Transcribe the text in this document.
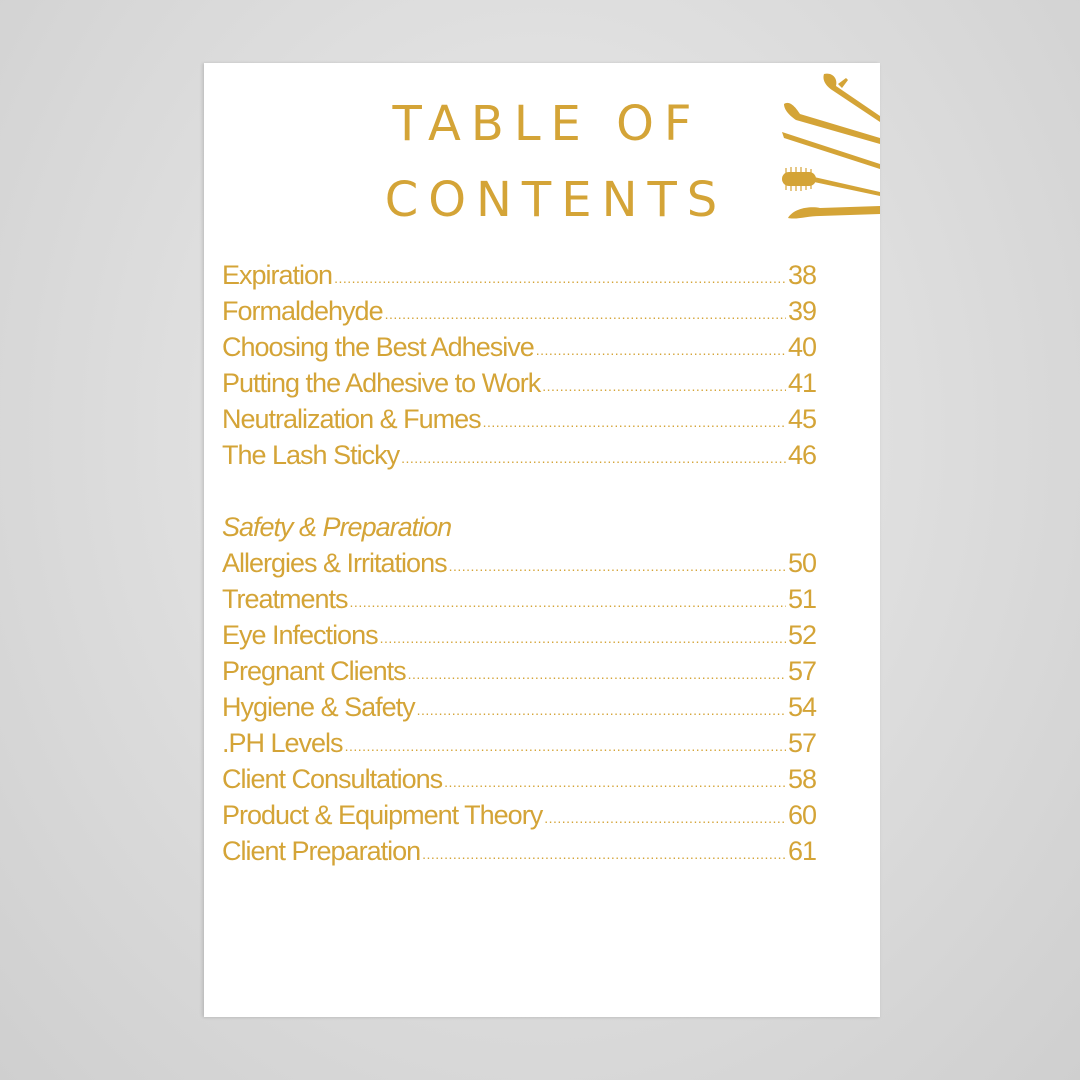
TABLE OF
CONTENTS
Expiration .....	38
Formaldehyde .....	39
Choosing the Best Adhesive .....	40
Putting the Adhesive to Work .....	41
Neutralization & Fumes .....	45
The Lash Sticky .....	46
Safety & Preparation
Allergies & Irritations .....	50
Treatments .....	51
Eye Infections .....	52
Pregnant Clients .....	57
Hygiene & Safety .....	54
.PH Levels .....	57
Client Consultations .....	58
Product & Equipment Theory .....	60
Client Preparation .....	61
